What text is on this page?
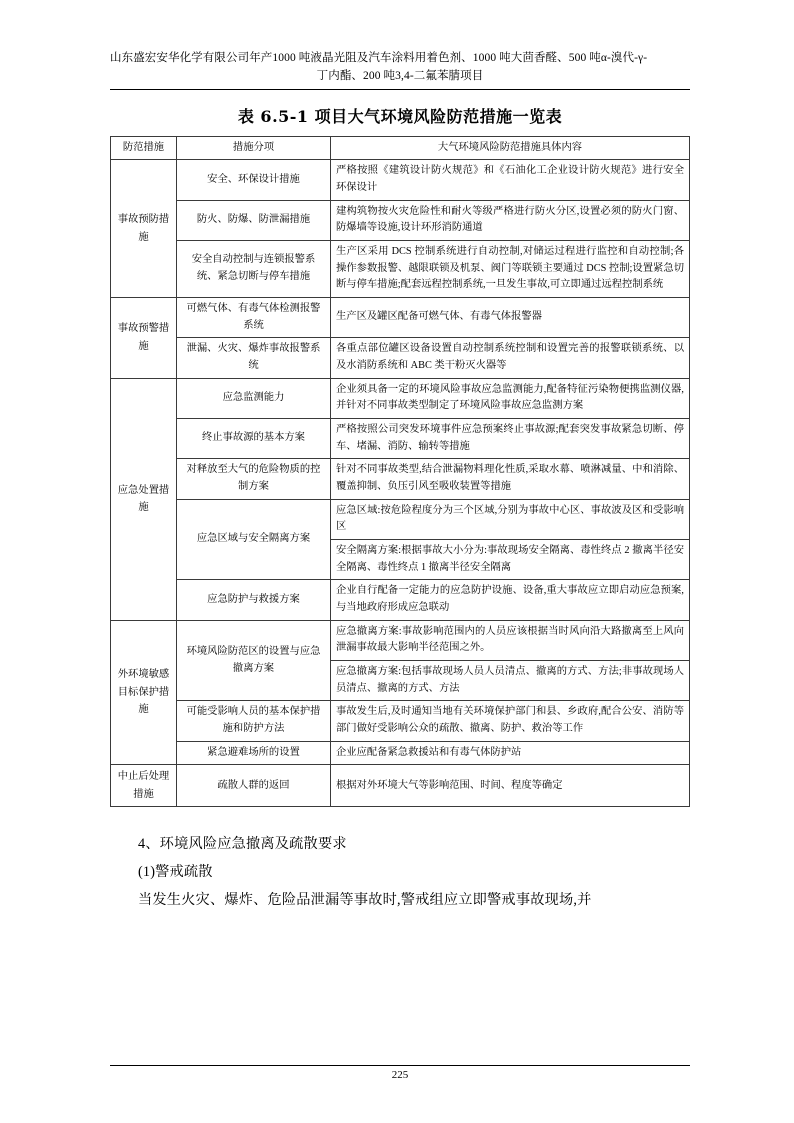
山东盛宏安华化学有限公司年产1000 吨液晶光阻及汽车涂料用着色剂、1000 吨大茴香醛、500 吨α-溴代-γ-
丁内酯、200 吨3,4-二氟苯腈项目
表 6.5-1 项目大气环境风险防范措施一览表
防范措施	措施分项	大气环境风险防范措施具体内容
事故预防措施	安全、环保设计措施	严格按照《建筑设计防火规范》和《石油化工企业设计防火规范》进行安全环保设计
	防火、防爆、防泄漏措施	建构筑物按火灾危险性和耐火等级严格进行防火分区,设置必须的防火门窗、防爆墙等设施,设计环形消防通道
	安全自动控制与连锁报警系统、紧急切断与停车措施	生产区采用 DCS 控制系统进行自动控制,对储运过程进行监控和自动控制;各操作参数报警、越限联锁及机泵、阀门等联锁主要通过 DCS 控制;设置紧急切断与停车措施;配套远程控制系统,一旦发生事故,可立即通过远程控制系统
事故预警措施	可燃气体、有毒气体检测报警系统	生产区及罐区配备可燃气体、有毒气体报警器
	泄漏、火灾、爆炸事故报警系统	各重点部位罐区设备设置自动控制系统控制和设置完善的报警联锁系统、以及水消防系统和 ABC 类干粉灭火器等
应急处置措施	应急监测能力	企业须具备一定的环境风险事故应急监测能力,配备特征污染物便携监测仪器,并针对不同事故类型制定了环境风险事故应急监测方案
	终止事故源的基本方案	严格按照公司突发环境事件应急预案终止事故源;配套突发事故紧急切断、停车、堵漏、消防、输转等措施
	对释放至大气的危险物质的控制方案	针对不同事故类型,结合泄漏物料理化性质,采取水幕、喷淋减量、中和消除、覆盖抑制、负压引风至吸收装置等措施
	应急区域与安全隔离方案	应急区域:按危险程度分为三个区域,分别为事故中心区、事故波及区和受影响区
		安全隔离方案:根据事故大小分为:事故现场安全隔离、毒性终点 2 撤离半径安全隔离、毒性终点 1 撤离半径安全隔离
	应急防护与救援方案	企业自行配备一定能力的应急防护设施、设备,重大事故应立即启动应急预案,与当地政府形成应急联动
外环境敏感目标保护措施	环境风险防范区的设置与应急撤离方案	应急撤离方案:事故影响范围内的人员应该根据当时风向沿大路撤离至上风向泄漏事故最大影响半径范围之外。
		应急撤离方案:包括事故现场人员人员清点、撤离的方式、方法;非事故现场人员清点、撤离的方式、方法
	可能受影响人员的基本保护措施和防护方法	事故发生后,及时通知当地有关环境保护部门和县、乡政府,配合公安、消防等部门做好受影响公众的疏散、撤离、防护、救治等工作
	紧急避难场所的设置	企业应配备紧急救援站和有毒气体防护站
中止后处理措施	疏散人群的返回	根据对外环境大气等影响范围、时间、程度等确定

4、环境风险应急撤离及疏散要求

(1)警戒疏散

当发生火灾、爆炸、危险品泄漏等事故时,警戒组应立即警戒事故现场,并

225
